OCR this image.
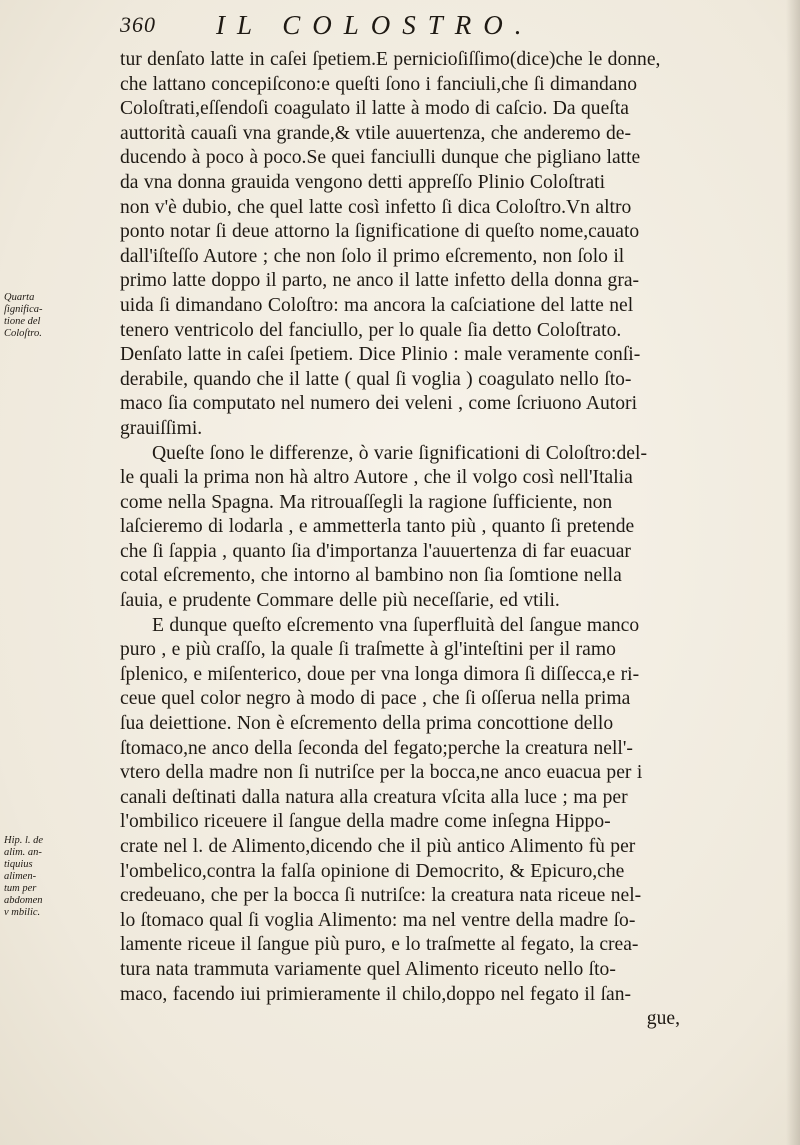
360 IL COLOSTRO.
Quarta
ſignifica-
tione del
Coloſtro.
Hip. l. de
alim. an-
tiquius
alimen-
tum per
abdomen
v mbilic.
tur denſato latte in caſei ſpetiem.E pernicioſiſſimo(dice)che le donne,
che lattano concepiſcono:e queſti ſono i fanciuli,che ſi dimandano
Coloſtrati,eſſendoſi coagulato il latte à modo di caſcio. Da queſta
auttorità cauaſi vna grande,& vtile auuertenza, che anderemo de-
ducendo à poco à poco.Se quei fanciulli dunque che pigliano latte
da vna donna grauida vengono detti appreſſo Plinio Coloſtrati
non v'è dubio, che quel latte così infetto ſi dica Coloſtro.Vn altro
ponto notar ſi deue attorno la ſignificatione di queſto nome,cauato
dall'iſteſſo Autore ; che non ſolo il primo eſcremento, non ſolo il
primo latte doppo il parto, ne anco il latte infetto della donna gra-
uida ſi dimandano Coloſtro: ma ancora la caſciatione del latte nel
tenero ventricolo del fanciullo, per lo quale ſia detto Coloſtrato.
Denſato latte in caſei ſpetiem. Dice Plinio : male veramente conſi-
derabile, quando che il latte ( qual ſi voglia ) coagulato nello ſto-
maco ſia computato nel numero dei veleni , come ſcriuono Autori
grauiſſimi.
Queſte ſono le differenze, ò varie ſignificationi di Coloſtro:del-
le quali la prima non hà altro Autore , che il volgo così nell'Italia
come nella Spagna. Ma ritrouaſſegli la ragione ſufficiente, non
laſcieremo di lodarla , e ammetterla tanto più , quanto ſi pretende
che ſi ſappia , quanto ſia d'importanza l'auuertenza di far euacuar
cotal eſcremento, che intorno al bambino non ſia ſomtione nella
ſauia, e prudente Commare delle più neceſſarie, ed vtili.
E dunque queſto eſcremento vna ſuperfluità del ſangue manco
puro , e più craſſo, la quale ſi traſmette à gl'inteſtini per il ramo
ſplenico, e miſenterico, doue per vna longa dimora ſi diſſecca,e ri-
ceue quel color negro à modo di pace , che ſi oſſerua nella prima
ſua deiettione. Non è eſcremento della prima concottione dello
ſtomaco,ne anco della ſeconda del fegato;perche la creatura nell'-
vtero della madre non ſi nutriſce per la bocca,ne anco euacua per i
canali deſtinati dalla natura alla creatura vſcita alla luce ; ma per
l'ombilico riceuere il ſangue della madre come inſegna Hippo-
crate nel l. de Alimento,dicendo che il più antico Alimento fù per
l'ombelico,contra la falſa opinione di Democrito, & Epicuro,che
credeuano, che per la bocca ſi nutriſce: la creatura nata riceue nel-
lo ſtomaco qual ſi voglia Alimento: ma nel ventre della madre ſo-
lamente riceue il ſangue più puro, e lo traſmette al fegato, la crea-
tura nata trammuta variamente quel Alimento riceuto nello ſto-
maco, facendo iui primieramente il chilo,doppo nel fegato il ſan-
gue,
